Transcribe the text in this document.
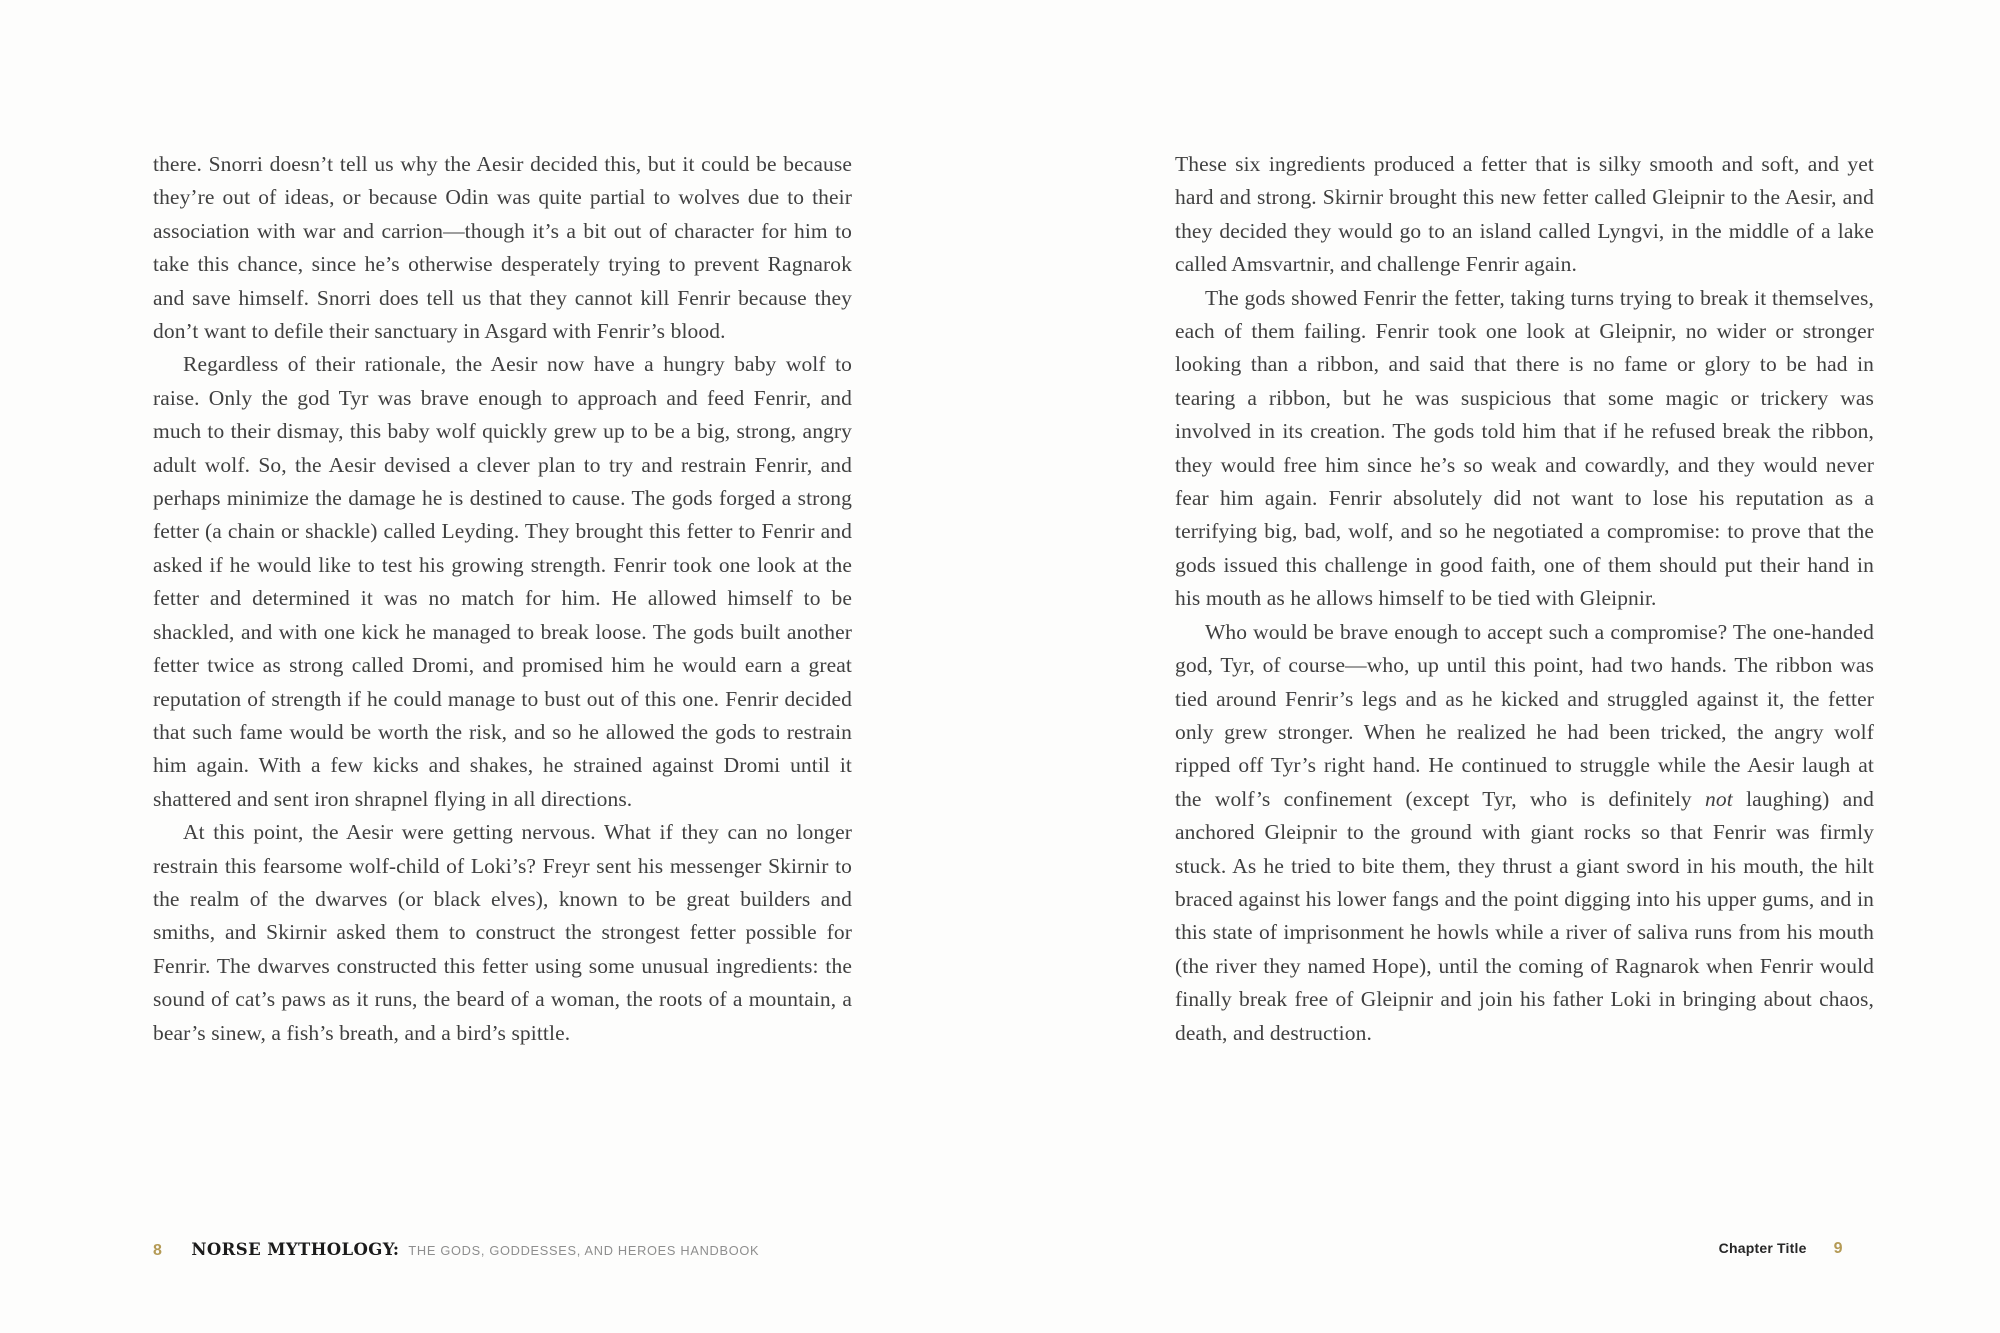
there. Snorri doesn’t tell us why the Aesir decided this, but it could be because they’re out of ideas, or because Odin was quite partial to wolves due to their association with war and carrion—though it’s a bit out of character for him to take this chance, since he’s otherwise desperately trying to prevent Ragnarok and save himself. Snorri does tell us that they cannot kill Fenrir because they don’t want to defile their sanctuary in Asgard with Fenrir’s blood.

Regardless of their rationale, the Aesir now have a hungry baby wolf to raise. Only the god Tyr was brave enough to approach and feed Fenrir, and much to their dismay, this baby wolf quickly grew up to be a big, strong, angry adult wolf. So, the Aesir devised a clever plan to try and restrain Fenrir, and perhaps minimize the damage he is destined to cause. The gods forged a strong fetter (a chain or shackle) called Leyding. They brought this fetter to Fenrir and asked if he would like to test his growing strength. Fenrir took one look at the fetter and determined it was no match for him. He allowed himself to be shackled, and with one kick he managed to break loose. The gods built another fetter twice as strong called Dromi, and promised him he would earn a great reputation of strength if he could manage to bust out of this one. Fenrir decided that such fame would be worth the risk, and so he allowed the gods to restrain him again. With a few kicks and shakes, he strained against Dromi until it shattered and sent iron shrapnel flying in all directions.

At this point, the Aesir were getting nervous. What if they can no longer restrain this fearsome wolf-child of Loki’s? Freyr sent his messenger Skirnir to the realm of the dwarves (or black elves), known to be great builders and smiths, and Skirnir asked them to construct the strongest fetter possible for Fenrir. The dwarves constructed this fetter using some unusual ingredients: the sound of cat’s paws as it runs, the beard of a woman, the roots of a mountain, a bear’s sinew, a fish’s breath, and a bird’s spittle.

8 NORSE MYTHOLOGY: THE GODS, GODDESSES, AND HEROES HANDBOOK

These six ingredients produced a fetter that is silky smooth and soft, and yet hard and strong. Skirnir brought this new fetter called Gleipnir to the Aesir, and they decided they would go to an island called Lyngvi, in the middle of a lake called Amsvartnir, and challenge Fenrir again.

The gods showed Fenrir the fetter, taking turns trying to break it themselves, each of them failing. Fenrir took one look at Gleipnir, no wider or stronger looking than a ribbon, and said that there is no fame or glory to be had in tearing a ribbon, but he was suspicious that some magic or trickery was involved in its creation. The gods told him that if he refused break the ribbon, they would free him since he’s so weak and cowardly, and they would never fear him again. Fenrir absolutely did not want to lose his reputation as a terrifying big, bad, wolf, and so he negotiated a compromise: to prove that the gods issued this challenge in good faith, one of them should put their hand in his mouth as he allows himself to be tied with Gleipnir.

Who would be brave enough to accept such a compromise? The one-handed god, Tyr, of course—who, up until this point, had two hands. The ribbon was tied around Fenrir’s legs and as he kicked and struggled against it, the fetter only grew stronger. When he realized he had been tricked, the angry wolf ripped off Tyr’s right hand. He continued to struggle while the Aesir laugh at the wolf’s confinement (except Tyr, who is definitely not laughing) and anchored Gleipnir to the ground with giant rocks so that Fenrir was firmly stuck. As he tried to bite them, they thrust a giant sword in his mouth, the hilt braced against his lower fangs and the point digging into his upper gums, and in this state of imprisonment he howls while a river of saliva runs from his mouth (the river they named Hope), until the coming of Ragnarok when Fenrir would finally break free of Gleipnir and join his father Loki in bringing about chaos, death, and destruction.

Chapter Title 9
